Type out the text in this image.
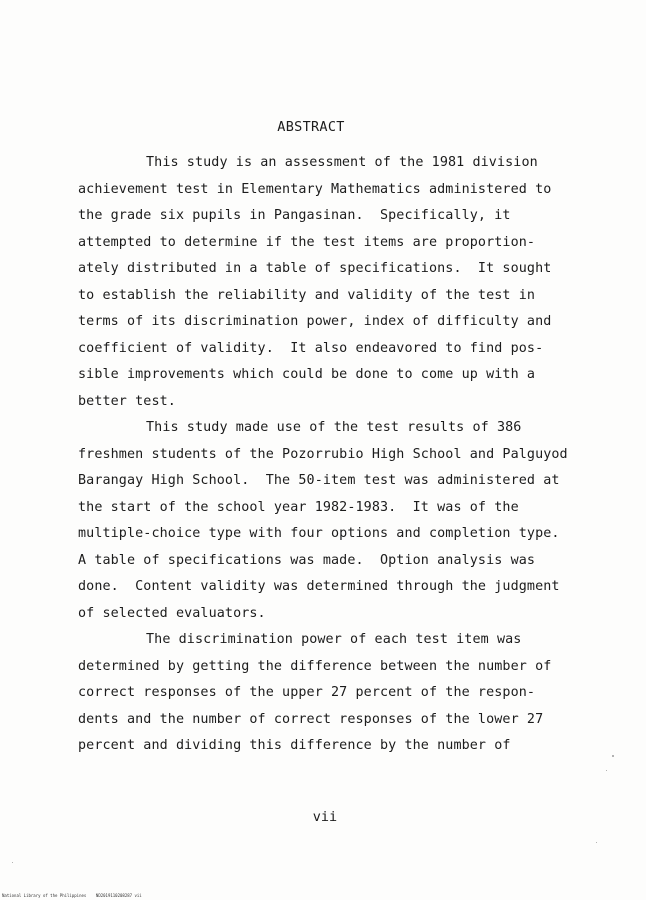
ABSTRACT
This study is an assessment of the 1981 division
achievement test in Elementary Mathematics administered to
the grade six pupils in Pangasinan.  Specifically, it
attempted to determine if the test items are proportion-
ately distributed in a table of specifications.  It sought
to establish the reliability and validity of the test in
terms of its discrimination power, index of difficulty and
coefficient of validity.  It also endeavored to find pos-
sible improvements which could be done to come up with a
better test.
This study made use of the test results of 386
freshmen students of the Pozorrubio High School and Palguyod
Barangay High School.  The 50-item test was administered at
the start of the school year 1982-1983.  It was of the
multiple-choice type with four options and completion type.
A table of specifications was made.  Option analysis was
done.  Content validity was determined through the judgment
of selected evaluators.
The discrimination power of each test item was
determined by getting the difference between the number of
correct responses of the upper 27 percent of the respon-
dents and the number of correct responses of the lower 27
percent and dividing this difference by the number of
vii
National Library of the Philippines    ND2019110208287 vii
